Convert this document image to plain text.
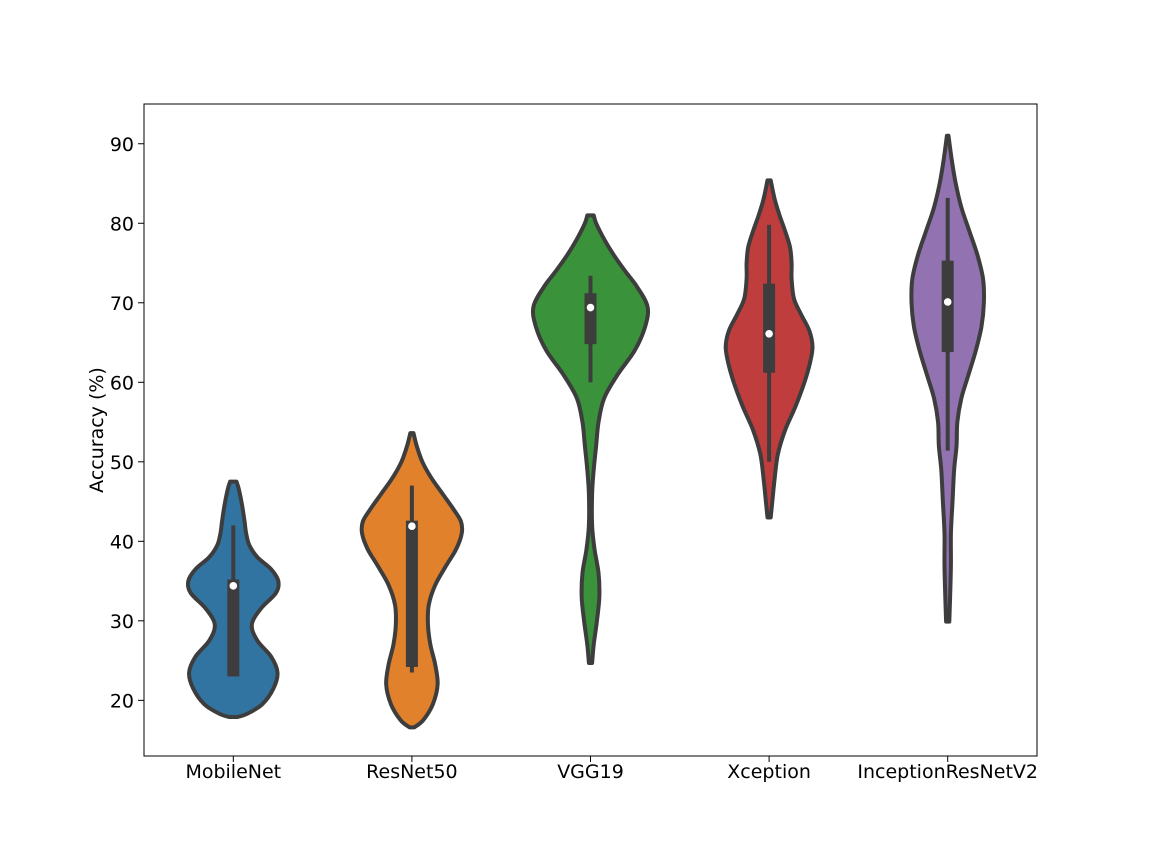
20
30
40
50
60
70
80
90
MobileNet	ResNet50	VGG19	Xception InceptionResNetV2
Accuracy (%)
